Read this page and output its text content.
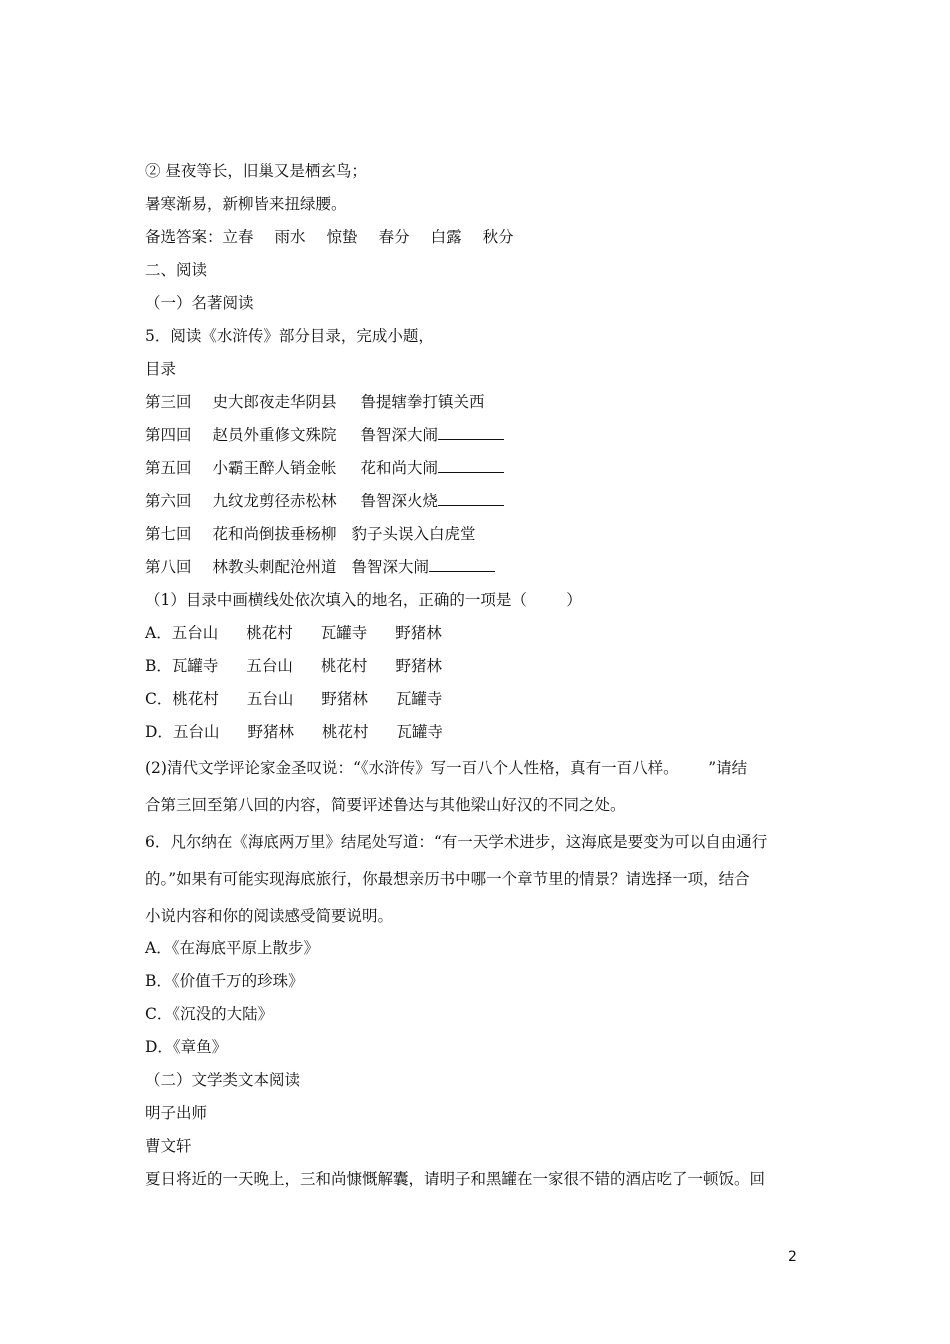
② 昼夜等长，旧巢又是栖玄鸟；
暑寒渐易，新柳皆来扭绿腰。
备选答案：立春 雨水 惊蛰 春分 白露 秋分
二、阅读
（一）名著阅读
5．阅读《水浒传》部分目录，完成小题，
目录
第三回 史大郎夜走华阴县 鲁提辖拳打镇关西
第四回 赵员外重修文殊院 鲁智深大闹
第五回 小霸王醉人销金帐 花和尚大闹
第六回 九纹龙剪径赤松林 鲁智深火烧
第七回 花和尚倒拔垂杨柳 豹子头误入白虎堂
第八回 林教头刺配沧州道 鲁智深大闹
（1）目录中画横线处依次填入的地名，正确的一项是（        ）
A．五台山 桃花村 瓦罐寺 野猪林
B．瓦罐寺 五台山 桃花村 野猪林
C．桃花村 五台山 野猪林 瓦罐寺
D．五台山 野猪林 桃花村 瓦罐寺
(2)清代文学评论家金圣叹说：“《水浒传》写一百八个人性格，真有一百八样。      ”请结
合第三回至第八回的内容，简要评述鲁达与其他梁山好汉的不同之处。
6．凡尔纳在《海底两万里》结尾处写道：“有一天学术进步，这海底是要变为可以自由通行
的。”如果有可能实现海底旅行，你最想亲历书中哪一个章节里的情景？请选择一项，结合
小说内容和你的阅读感受简要说明。
A．《在海底平原上散步》
B．《价值千万的珍珠》
C．《沉没的大陆》
D．《章鱼》
（二）文学类文本阅读
明子出师
曹文轩
夏日将近的一天晚上，三和尚慷慨解囊，请明子和黑罐在一家很不错的酒店吃了一顿饭。回
2
